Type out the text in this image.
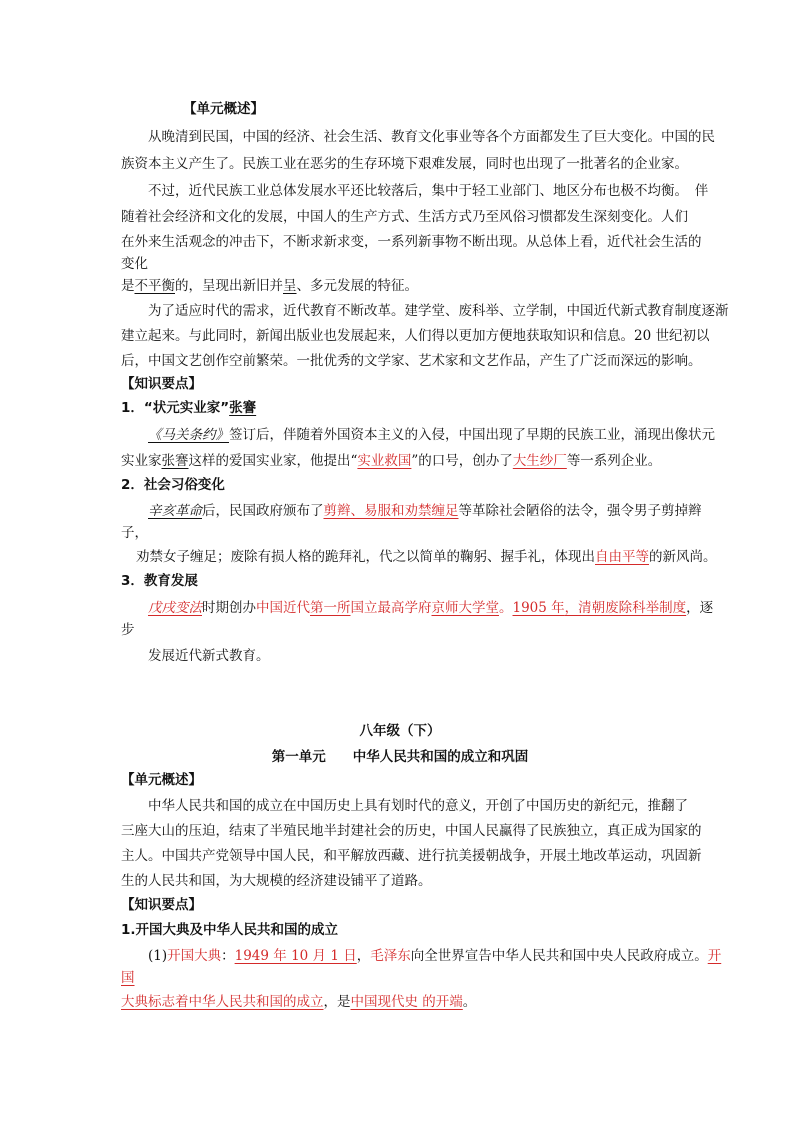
【单元概述】
从晚清到民国，中国的经济、社会生活、教育文化事业等各个方面都发生了巨大变化。中国的民
族资本主义产生了。民族工业在恶劣的生存环境下艰难发展，同时也出现了一批著名的企业家。
不过，近代民族工业总体发展水平还比较落后，集中于轻工业部门、地区分布也极不均衡。　伴
随着社会经济和文化的发展，中国人的生产方式、生活方式乃至风俗习惯都发生深刻变化。人们
在外来生活观念的冲击下，不断求新求变，一系列新事物不断出现。从总体上看，近代社会生活的
变化
是不平衡的，呈现出新旧并呈、多元发展的特征。
为了适应时代的需求，近代教育不断改革。建学堂、废科举、立学制，中国近代新式教育制度逐渐
建立起来。与此同时，新闻出版业也发展起来，人们得以更加方便地获取知识和信息。20 世纪初以
后，中国文艺创作空前繁荣。一批优秀的文学家、艺术家和文艺作品，产生了广泛而深远的影响。
【知识要点】
1．“状元实业家”张謇
《马关条约》签订后，伴随着外国资本主义的入侵，中国出现了早期的民族工业，涌现出像状元
实业家张謇这样的爱国实业家，他提出“实业救国”的口号，创办了大生纱厂等一系列企业。
2．社会习俗变化
辛亥革命后，民国政府颁布了剪辫、易服和劝禁缠足等革除社会陋俗的法令，强令男子剪掉辫
子，
劝禁女子缠足；废除有损人格的跪拜礼，代之以简单的鞠躬、握手礼，体现出自由平等的新风尚。
3．教育发展
戊戌变法时期创办中国近代第一所国立最高学府京师大学堂。1905 年，清朝废除科举制度，逐
步
发展近代新式教育。
八年级（下）
第一单元　　中华人民共和国的成立和巩固
【单元概述】
中华人民共和国的成立在中国历史上具有划时代的意义，开创了中国历史的新纪元，推翻了
三座大山的压迫，结束了半殖民地半封建社会的历史，中国人民赢得了民族独立，真正成为国家的
主人。中国共产党领导中国人民，和平解放西藏、进行抗美援朝战争，开展土地改革运动，巩固新
生的人民共和国，为大规模的经济建设铺平了道路。
【知识要点】
1.开国大典及中华人民共和国的成立
(1)开国大典：1949 年 10 月 1 日，毛泽东向全世界宣告中华人民共和国中央人民政府成立。开
国
大典标志着中华人民共和国的成立，是中国现代史 的开端。
